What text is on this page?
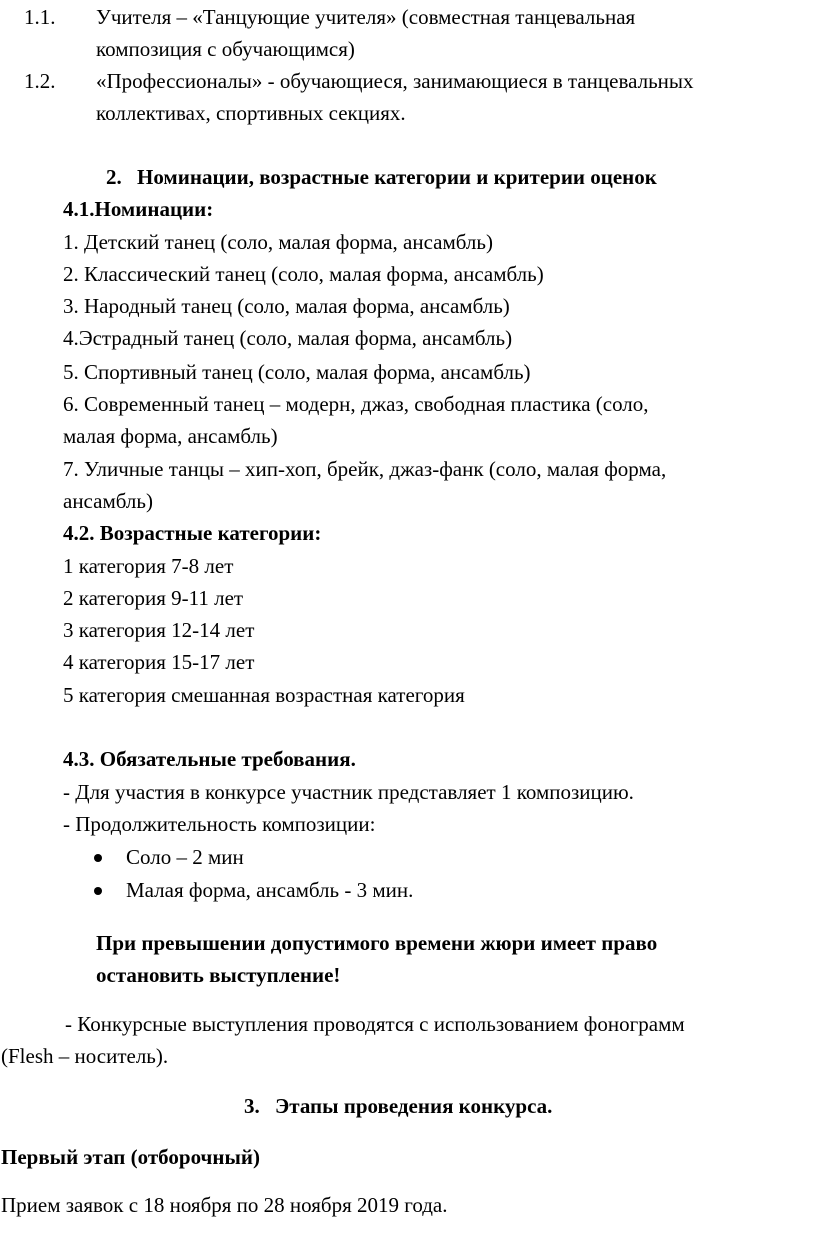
1.1. Учителя – «Танцующие учителя» (совместная танцевальная
композиция с обучающимся)
1.2. «Профессионалы» - обучающиеся, занимающиеся в танцевальных
коллективах, спортивных секциях.
2. Номинации, возрастные категории и критерии оценок
4.1.Номинации:
1. Детский танец (соло, малая форма, ансамбль)
2. Классический танец (соло, малая форма, ансамбль)
3. Народный танец (соло, малая форма, ансамбль)
4.Эстрадный танец (соло, малая форма, ансамбль)
5. Спортивный танец (соло, малая форма, ансамбль)
6. Современный танец – модерн, джаз, свободная пластика (соло,
малая форма, ансамбль)
7. Уличные танцы – хип-хоп, брейк, джаз-фанк (соло, малая форма,
ансамбль)
4.2. Возрастные категории:
1 категория 7-8 лет
2 категория 9-11 лет
3 категория 12-14 лет
4 категория 15-17 лет
5 категория смешанная возрастная категория
4.3. Обязательные требования.
- Для участия в конкурсе участник представляет 1 композицию.
- Продолжительность композиции:
Соло – 2 мин
Малая форма, ансамбль - 3 мин.
При превышении допустимого времени жюри имеет право
остановить выступление!
- Конкурсные выступления проводятся с использованием фонограмм
(Flesh – носитель).
3. Этапы проведения конкурса.
Первый этап (отборочный)
Прием заявок с 18 ноября по 28 ноября 2019 года.
